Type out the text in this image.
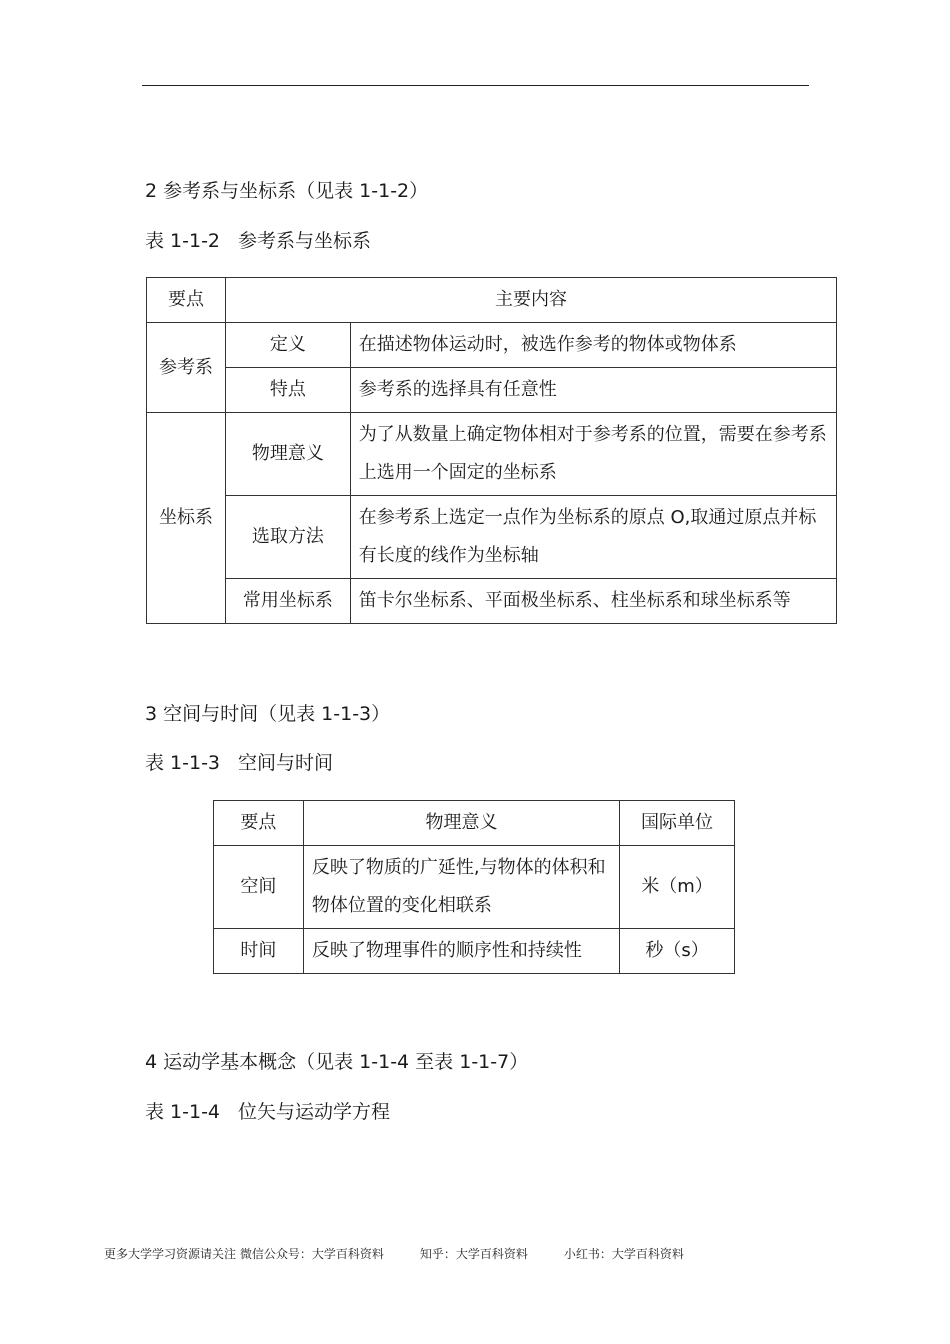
2 参考系与坐标系（见表 1-1-2）
表 1-1-2 参考系与坐标系
要点	主要内容	
参考系	定义	在描述物体运动时，被选作参考的物体或物体系
	特点	参考系的选择具有任意性
坐标系	物理意义	为了从数量上确定物体相对于参考系的位置，需要在参考系上选用一个固定的坐标系
	选取方法	在参考系上选定一点作为坐标系的原点 O,取通过原点并标有长度的线作为坐标轴
	常用坐标系	笛卡尔坐标系、平面极坐标系、柱坐标系和球坐标系等
3 空间与时间（见表 1-1-3）
表 1-1-3 空间与时间
要点	物理意义	国际单位
空间	反映了物质的广延性,与物体的体积和物体位置的变化相联系	米（m）
时间	反映了物理事件的顺序性和持续性	秒（s）
4 运动学基本概念（见表 1-1-4 至表 1-1-7）
表 1-1-4 位矢与运动学方程
更多大学学习资源请关注 微信公众号：大学百科资料	知乎：大学百科资料	小红书：大学百科资料
